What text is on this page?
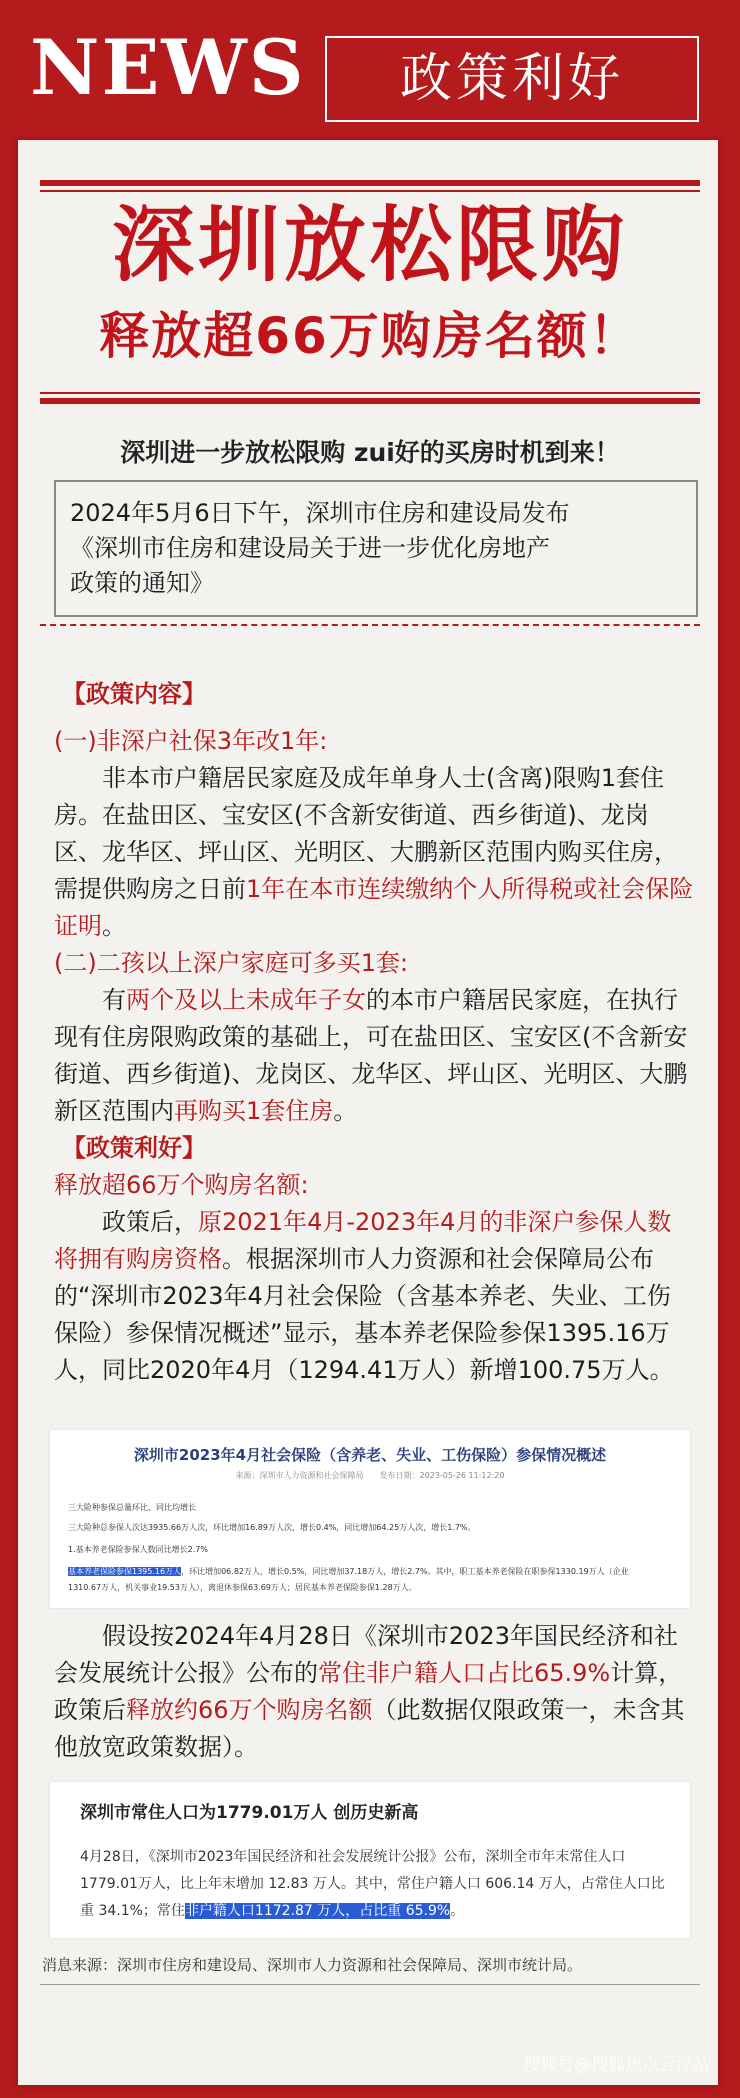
NEWS	政策利好
深圳放松限购
释放超66万购房名额！
深圳进一步放松限购 zui好的买房时机到来！
2024年5月6日下午，深圳市住房和建设局发布
《深圳市住房和建设局关于进一步优化房地产
政策的通知》

【政策内容】

(一)非深户社保3年改1年:

非本市户籍居民家庭及成年单身人士(含离)限购1套住房。在盐田区、宝安区(不含新安街道、西乡街道)、龙岗区、龙华区、坪山区、光明区、大鹏新区范围内购买住房，需提供购房之日前1年在本市连续缴纳个人所得税或社会保险证明。

(二)二孩以上深户家庭可多买1套:

有两个及以上未成年子女的本市户籍居民家庭，在执行现有住房限购政策的基础上，可在盐田区、宝安区(不含新安街道、西乡街道)、龙岗区、龙华区、坪山区、光明区、大鹏新区范围内再购买1套住房。

【政策利好】

释放超66万个购房名额:

政策后，原2021年4月-2023年4月的非深户参保人数将拥有购房资格。根据深圳市人力资源和社会保障局公布的“深圳市2023年4月社会保险（含基本养老、失业、工伤保险）参保情况概述”显示，基本养老保险参保1395.16万人，同比2020年4月（1294.41万人）新增100.75万人。

深圳市2023年4月社会保险（含养老、失业、工伤保险）参保情况概述
来源：深圳市人力资源和社会保障局　　发布日期：2023-05-26 11:12:20
三大险种参保总量环比、同比均增长
三大险种总参保人次达3935.66万人次，环比增加16.89万人次，增长0.4%，同比增加64.25万人次，增长1.7%。
1.基本养老保险参保人数同比增长2.7%
基本养老保险参保1395.16万人，环比增加06.82万人，增长0.5%，同比增加37.18万人，增长2.7%。其中，职工基本养老保险在职参保1330.19万人（企业
1310.67万人，机关事业19.53万人），离退休参保63.69万人；居民基本养老保险参保1.28万人。

假设按2024年4月28日《深圳市2023年国民经济和社会发展统计公报》公布的常住非户籍人口占比65.9%计算，政策后释放约66万个购房名额（此数据仅限政策一，未含其他放宽政策数据）。

深圳市常住人口为1779.01万人 创历史新高
4月28日，《深圳市2023年国民经济和社会发展统计公报》公布，深圳全市年末常住人口 1779.01万人，比上年末增加 12.83 万人。其中，常住户籍人口 606.14 万人，占常住人口比重 34.1%；常住非户籍人口1172.87 万人，占比重 65.9%。
消息来源：深圳市住房和建设局、深圳市人力资源和社会保障局、深圳市统计局。
搜狐号@搜狐焦点云浮站
